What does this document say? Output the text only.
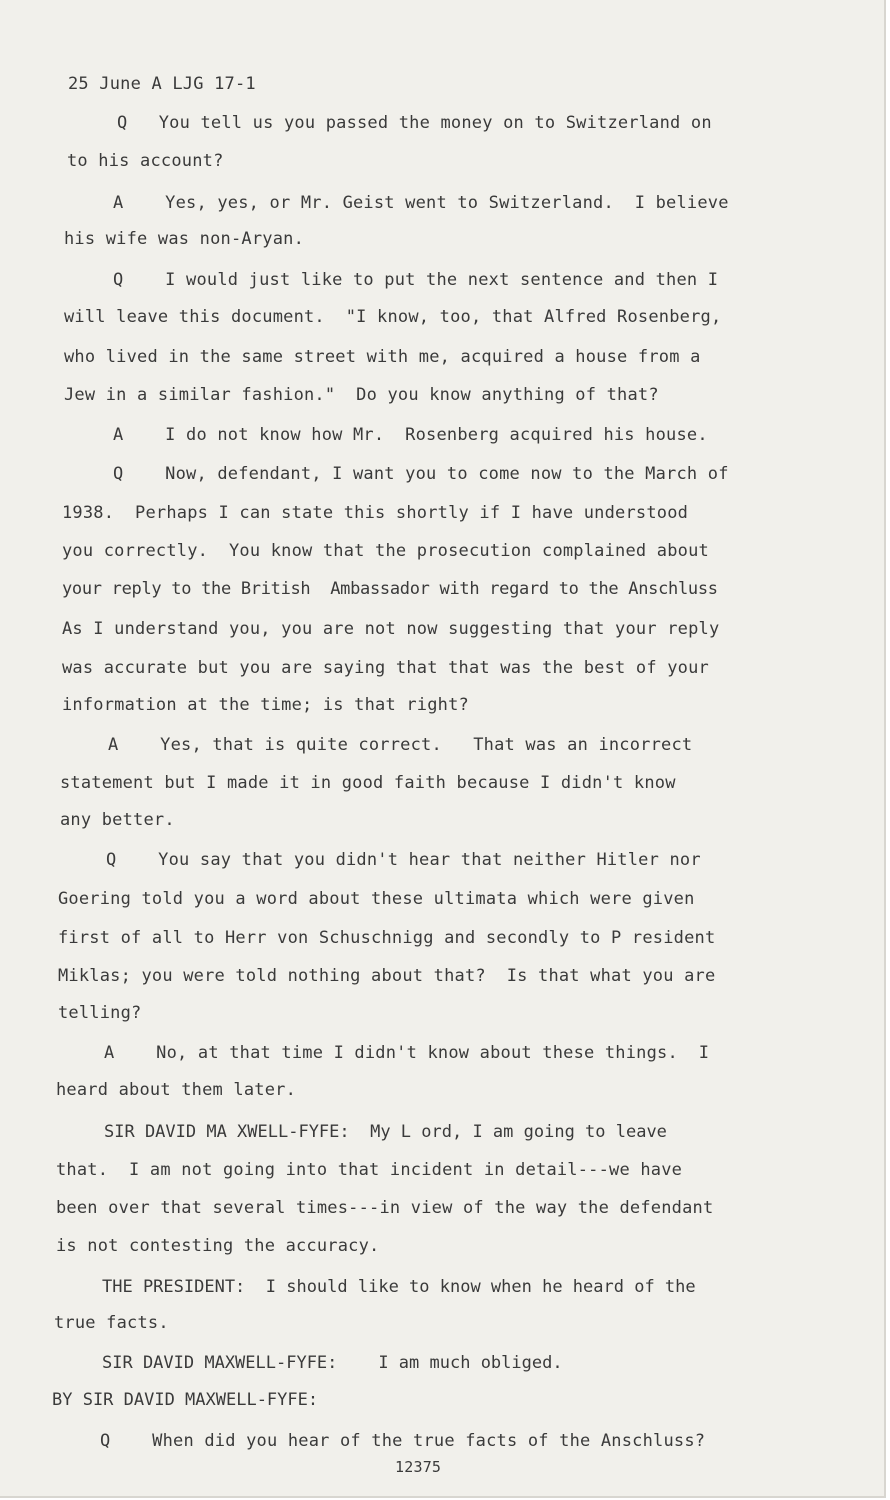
25 June A LJG 17-1
Q   You tell us you passed the money on to Switzerland on
to his account?
A    Yes, yes, or Mr. Geist went to Switzerland.  I believe
his wife was non-Aryan.
Q    I would just like to put the next sentence and then I
will leave this document.  "I know, too, that Alfred Rosenberg,
who lived in the same street with me, acquired a house from a
Jew in a similar fashion."  Do you know anything of that?
A    I do not know how Mr.  Rosenberg acquired his house.
Q    Now, defendant, I want you to come now to the March of
1938.  Perhaps I can state this shortly if I have understood
you correctly.  You know that the prosecution complained about
your reply to the British  Ambassador with regard to the Anschluss
As I understand you, you are not now suggesting that your reply
was accurate but you are saying that that was the best of your
information at the time; is that right?
A    Yes, that is quite correct.   That was an incorrect
statement but I made it in good faith because I didn't know
any better.
Q    You say that you didn't hear that neither Hitler nor
Goering told you a word about these ultimata which were given
first of all to Herr von Schuschnigg and secondly to P resident
Miklas; you were told nothing about that?  Is that what you are
telling?
A    No, at that time I didn't know about these things.  I
heard about them later.
SIR DAVID MA XWELL-FYFE:  My L ord, I am going to leave
that.  I am not going into that incident in detail---we have
been over that several times---in view of the way the defendant
is not contesting the accuracy.
THE PRESIDENT:  I should like to know when he heard of the
true facts.
SIR DAVID MAXWELL-FYFE:    I am much obliged.
BY SIR DAVID MAXWELL-FYFE:
Q    When did you hear of the true facts of the Anschluss?
12375
